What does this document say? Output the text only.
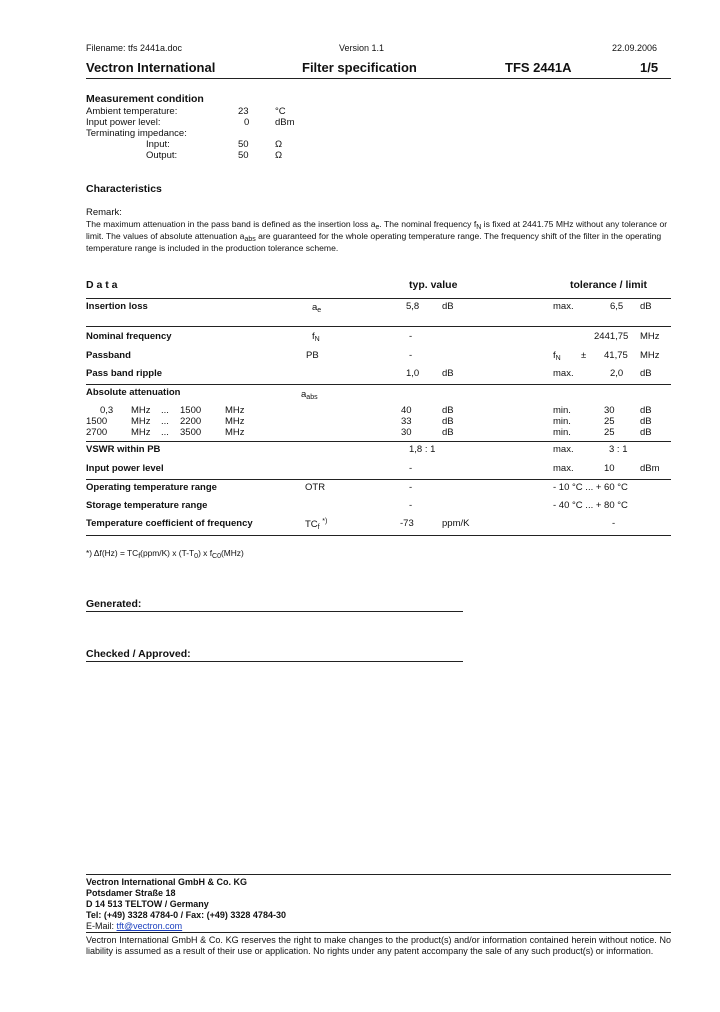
Filename: tfs 2441a.doc	Version 1.1	22.09.2006
Vectron International	Filter specification	TFS 2441A	1/5
Measurement condition
Ambient temperature:	23	°C
Input power level:	0	dBm
Terminating impedance:
Input:	50	Ω
Output:	50	Ω
Characteristics
Remark:
The maximum attenuation in the pass band is defined as the insertion loss $a_e$. The nominal frequency $f_N$ is fixed at 2441.75 MHz without any tolerance or
limit. The values of absolute attenuation $a_{abs}$ are guaranteed for the whole operating temperature range. The frequency shift of the filter in the operating
temperature range is included in the production tolerance scheme.
D a t a	typ. value	tolerance / limit
Insertion loss	$a_e$	5,8 dB	max.	6,5 dB
Nominal frequency	$f_N$	-	2441,75 MHz
Passband	PB	-	$f_N \pm 41,75$ MHz
Pass band ripple	1,0 dB	max.	2,0 dB
Absolute attenuation	$a_{abs}$
0,3 MHz ... 1500	MHz	40	dB	min.	30	dB
1500	MHz ... 2200	MHz	33	dB	min.	25	dB
2700	MHz ... 3500	MHz	30	dB	min.	25	dB
VSWR within PB	1,8 : 1	max.	3 : 1
Input power level	-	max.	10	dBm
Operating temperature range	OTR	-	- 10 °C ... + 60 °C
Storage temperature range	-	- 40 °C ... + 80 °C
Temperature coefficient of frequency	$TC_f$ *)	-73	ppm/K	-
*) $\Delta f(Hz) = TC_f(ppm/K)$ x $(T-T_0)$ x $f_{C0}(MHz)$
Generated:
Checked / Approved:
Vectron International GmbH & Co. KG
Potsdamer Straße 18
D 14 513 TELTOW / Germany
Tel: (+49) 3328 4784-0 / Fax: (+49) 3328 4784-30
E-Mail: tft@vectron.com
Vectron International GmbH & Co. KG reserves the right to make changes to the product(s) and/or information contained herein without notice. No liability is assumed as a result of their use or application. No rights under any patent accompany the sale of any such product(s) or information.
